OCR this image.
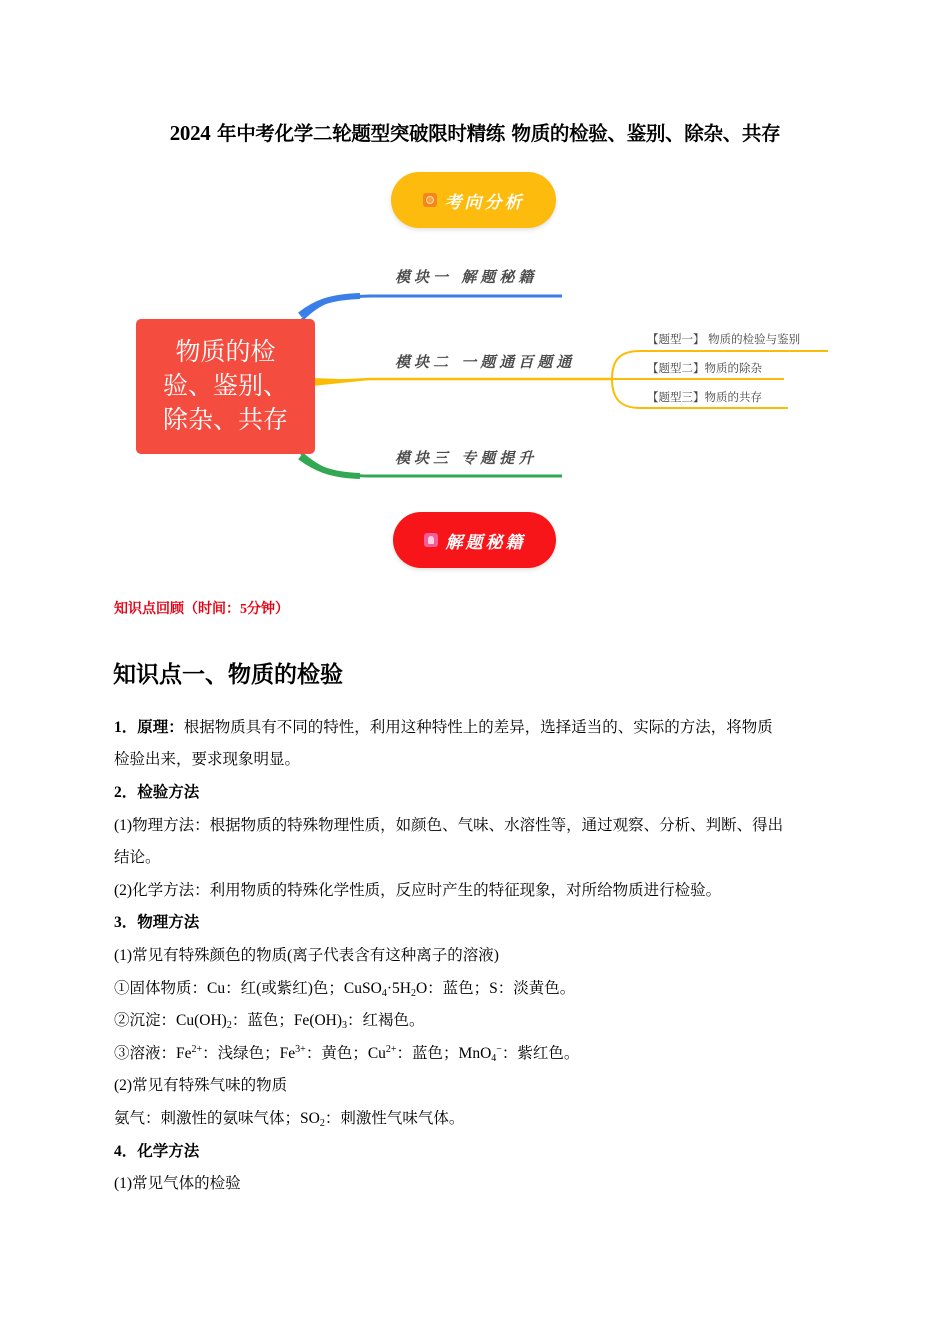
2024 年中考化学二轮题型突破限时精练 物质的检验、鉴别、除杂、共存
考向分析
物质的检
验、鉴别、
除杂、共存
模块一 解题秘籍
模块二 一题通百题通
模块三 专题提升
【题型一】 物质的检验与鉴别
【题型二】物质的除杂
【题型三】物质的共存
解题秘籍
知识点回顾（时间：5分钟）
知识点一、物质的检验
1．原理：根据物质具有不同的特性，利用这种特性上的差异，选择适当的、实际的方法，将物质
检验出来，要求现象明显。
2．检验方法
(1)物理方法：根据物质的特殊物理性质，如颜色、气味、水溶性等，通过观察、分析、判断、得出
结论。
(2)化学方法：利用物质的特殊化学性质，反应时产生的特征现象，对所给物质进行检验。
3．物理方法
(1)常见有特殊颜色的物质(离子代表含有这种离子的溶液)
①固体物质：Cu：红(或紫红)色；$CuSO_4\cdot 5H_2O$：蓝色；S：淡黄色。
②沉淀：$Cu(OH)_2$：蓝色；$Fe(OH)_3$：红褐色。
③溶液：$Fe^{2+}$：浅绿色；$Fe^{3+}$：黄色；$Cu^{2+}$：蓝色；MnO$_4$−：紫红色。
(2)常见有特殊气味的物质
氨气：刺激性的氨味气体；$SO_2$：刺激性气味气体。
4．化学方法
(1)常见气体的检验
